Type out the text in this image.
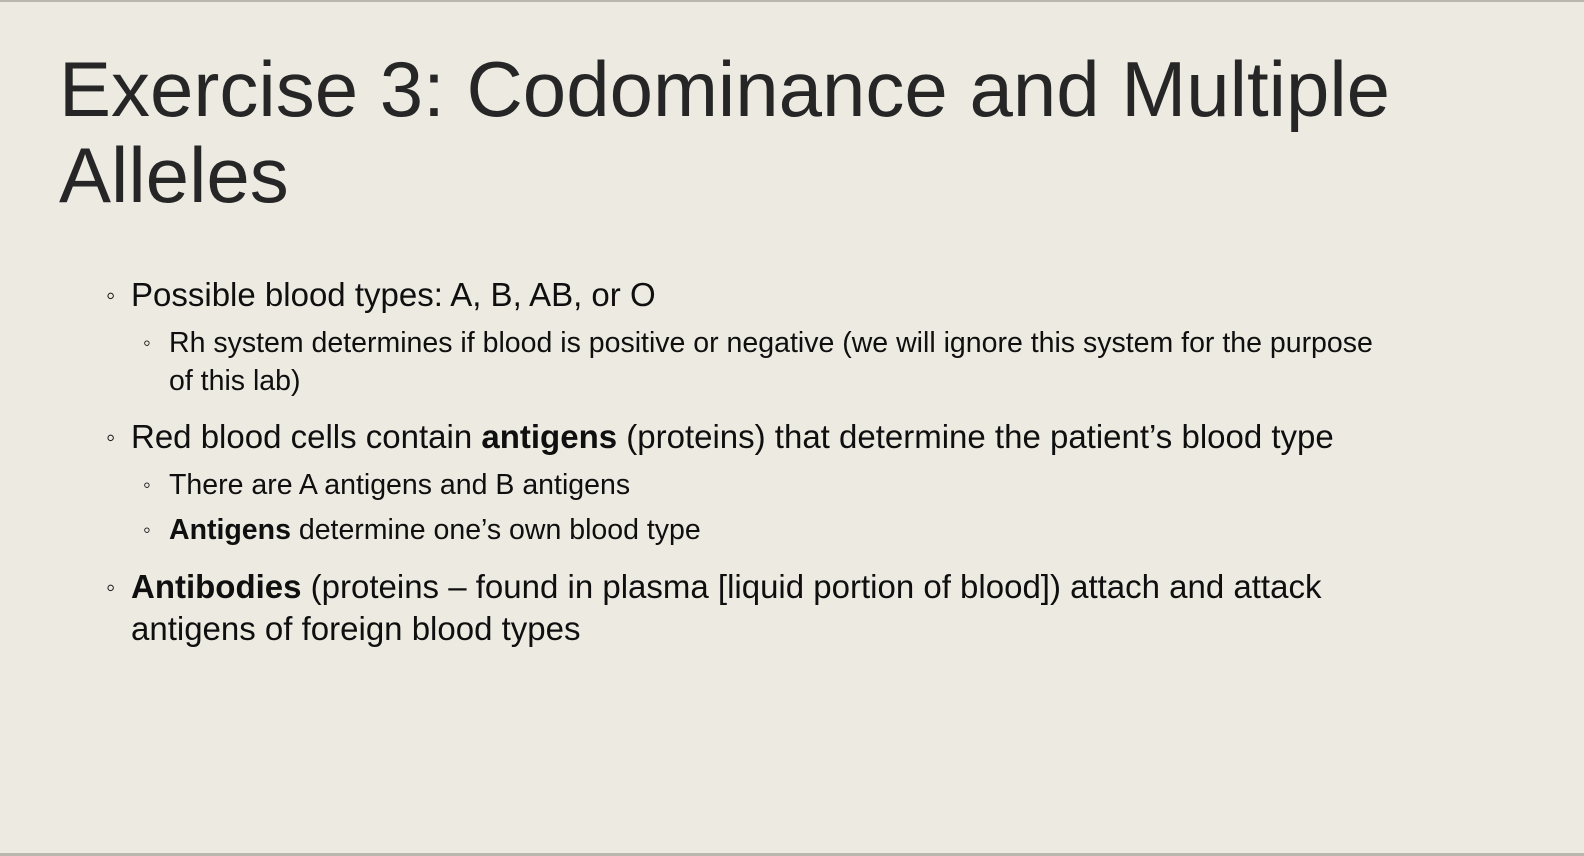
Exercise 3: Codominance and Multiple Alleles
◦ Possible blood types: A, B, AB, or O
◦ Rh system determines if blood is positive or negative (we will ignore this system for the purpose of this lab)
◦ Red blood cells contain antigens (proteins) that determine the patient’s blood type
◦ There are A antigens and B antigens
◦ Antigens determine one’s own blood type
◦ Antibodies (proteins – found in plasma [liquid portion of blood]) attach and attack antigens of foreign blood types
